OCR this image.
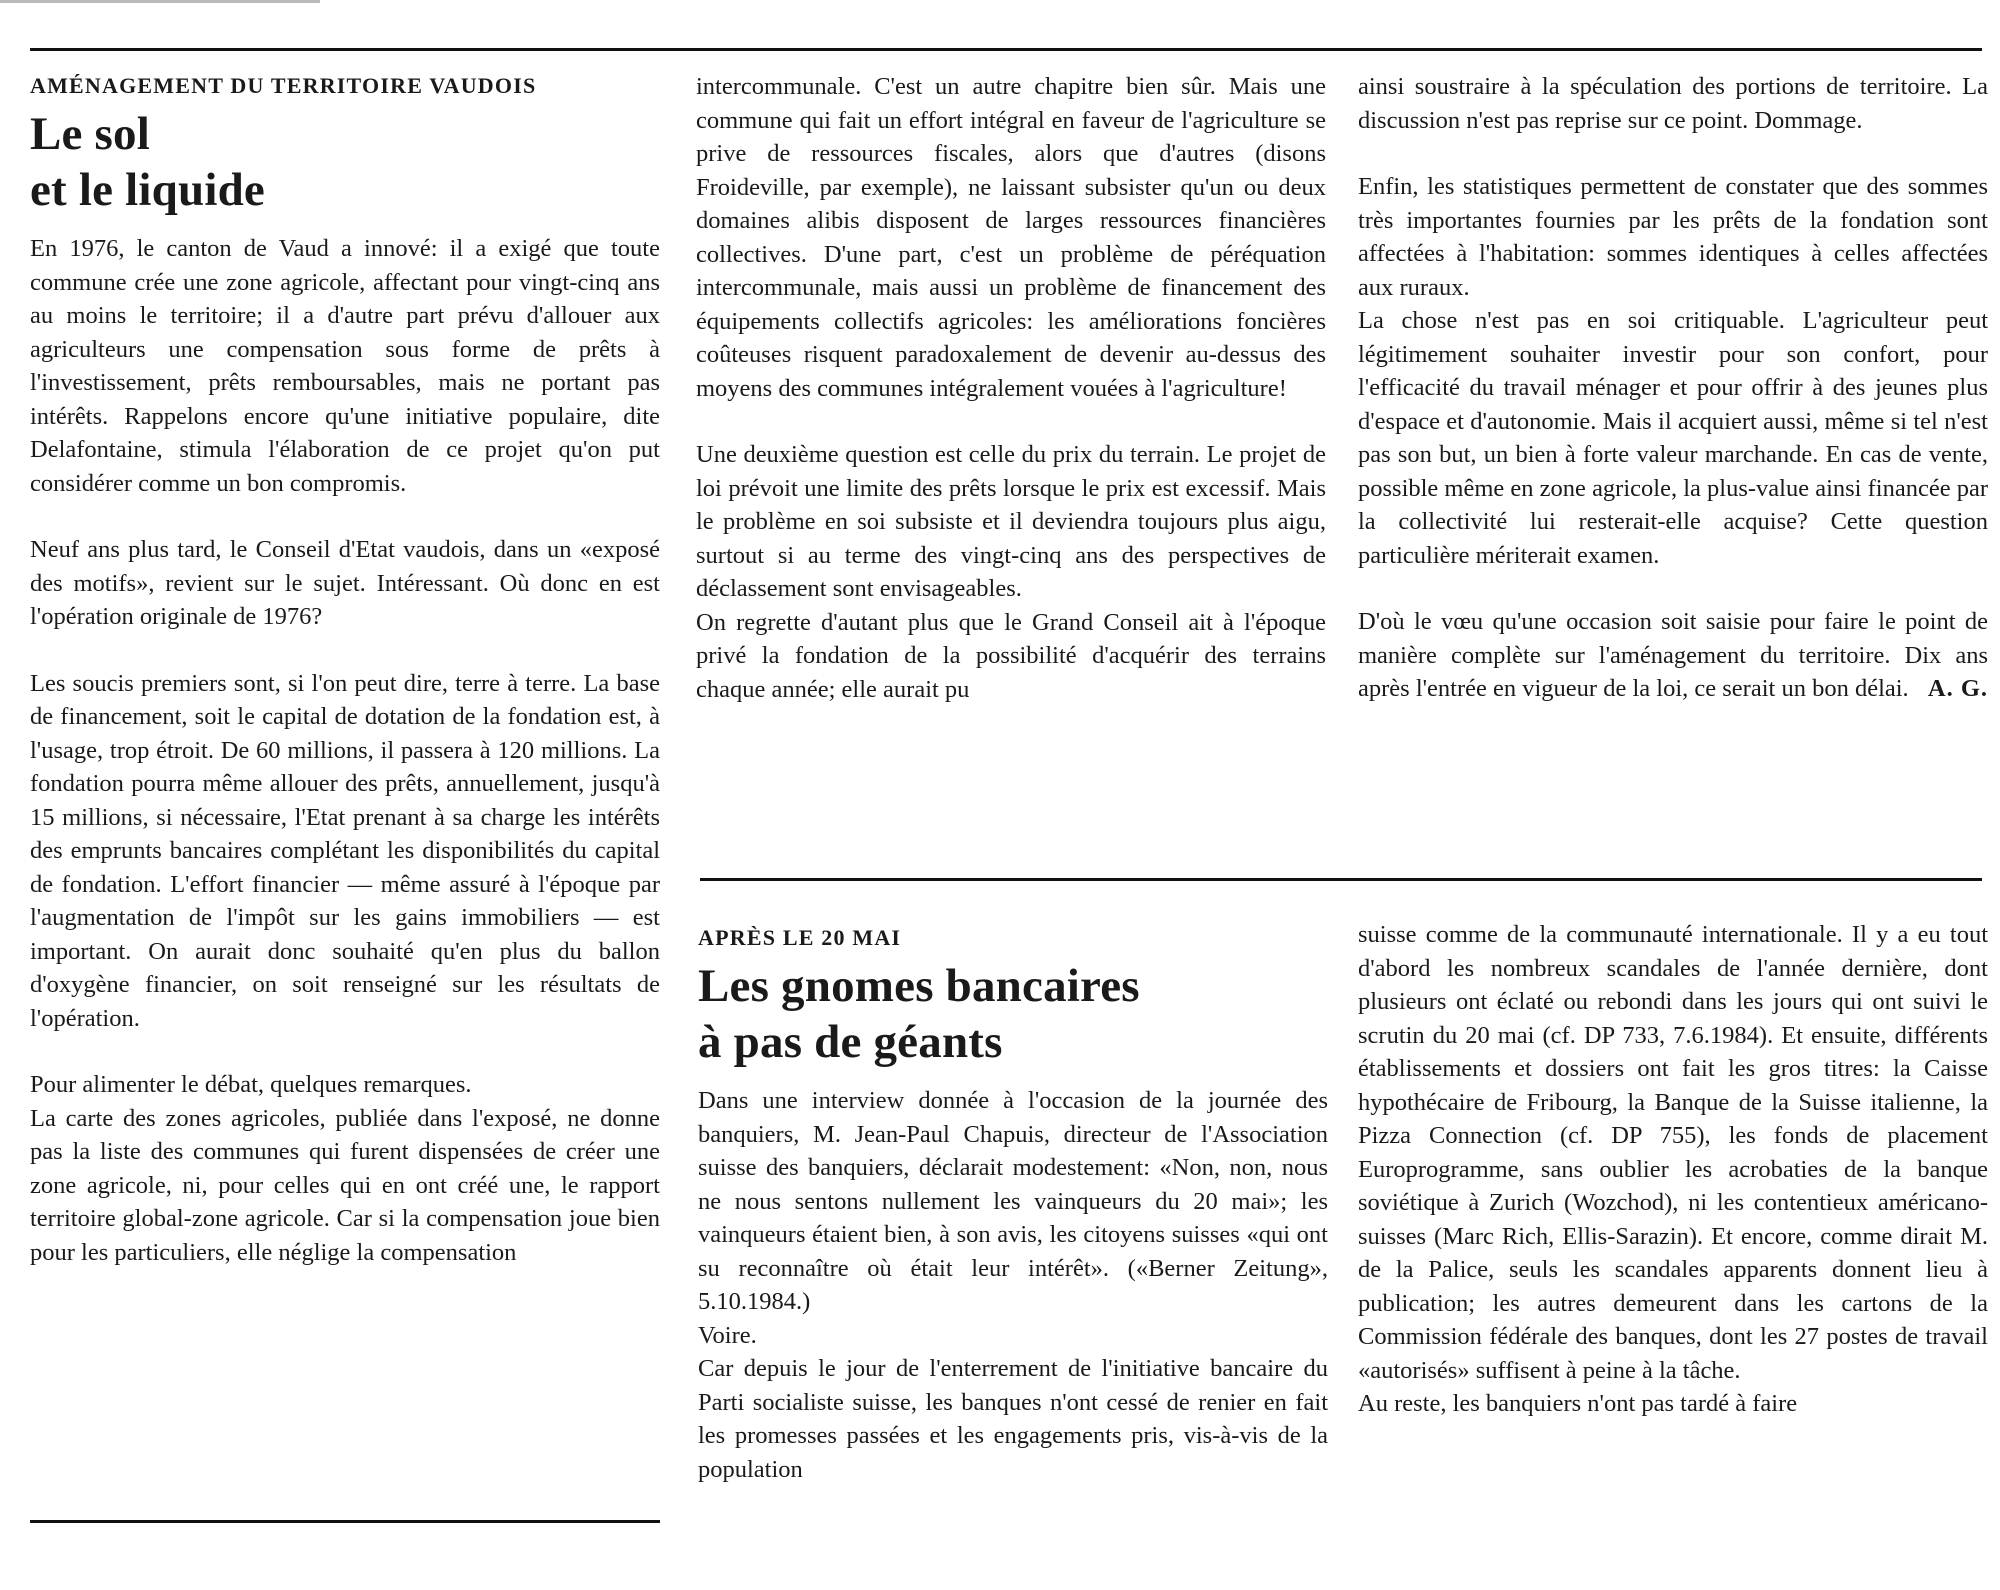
AMÉNAGEMENT DU TERRITOIRE VAUDOIS
Le sol
et le liquide

En 1976, le canton de Vaud a innové: il a exigé que toute commune crée une zone agricole, affectant pour vingt-cinq ans au moins le territoire; il a d'autre part prévu d'allouer aux agriculteurs une compensation sous forme de prêts à l'investissement, prêts remboursables, mais ne portant pas intérêts. Rappelons encore qu'une initiative populaire, dite Delafontaine, stimula l'élaboration de ce projet qu'on put considérer comme un bon compromis.

Neuf ans plus tard, le Conseil d'Etat vaudois, dans un «exposé des motifs», revient sur le sujet. Intéressant. Où donc en est l'opération originale de 1976?

Les soucis premiers sont, si l'on peut dire, terre à terre. La base de financement, soit le capital de dotation de la fondation est, à l'usage, trop étroit. De 60 millions, il passera à 120 millions. La fondation pourra même allouer des prêts, annuellement, jusqu'à 15 millions, si nécessaire, l'Etat prenant à sa charge les intérêts des emprunts bancaires complétant les disponibilités du capital de fondation. L'effort financier — même assuré à l'époque par l'augmentation de l'impôt sur les gains immobiliers — est important. On aurait donc souhaité qu'en plus du ballon d'oxygène financier, on soit renseigné sur les résultats de l'opération.

Pour alimenter le débat, quelques remarques.

La carte des zones agricoles, publiée dans l'exposé, ne donne pas la liste des communes qui furent dispensées de créer une zone agricole, ni, pour celles qui en ont créé une, le rapport territoire global-zone agricole. Car si la compensation joue bien pour les particuliers, elle néglige la compensation

intercommunale. C'est un autre chapitre bien sûr. Mais une commune qui fait un effort intégral en faveur de l'agriculture se prive de ressources fiscales, alors que d'autres (disons Froideville, par exemple), ne laissant subsister qu'un ou deux domaines alibis disposent de larges ressources financières collectives. D'une part, c'est un problème de péréquation intercommunale, mais aussi un problème de financement des équipements collectifs agricoles: les améliorations foncières coûteuses risquent paradoxalement de devenir au-dessus des moyens des communes intégralement vouées à l'agriculture!

Une deuxième question est celle du prix du terrain. Le projet de loi prévoit une limite des prêts lorsque le prix est excessif. Mais le problème en soi subsiste et il deviendra toujours plus aigu, surtout si au terme des vingt-cinq ans des perspectives de déclassement sont envisageables.

On regrette d'autant plus que le Grand Conseil ait à l'époque privé la fondation de la possibilité d'acquérir des terrains chaque année; elle aurait pu

ainsi soustraire à la spéculation des portions de territoire. La discussion n'est pas reprise sur ce point. Dommage.

Enfin, les statistiques permettent de constater que des sommes très importantes fournies par les prêts de la fondation sont affectées à l'habitation: sommes identiques à celles affectées aux ruraux.

La chose n'est pas en soi critiquable. L'agriculteur peut légitimement souhaiter investir pour son confort, pour l'efficacité du travail ménager et pour offrir à des jeunes plus d'espace et d'autonomie. Mais il acquiert aussi, même si tel n'est pas son but, un bien à forte valeur marchande. En cas de vente, possible même en zone agricole, la plus-value ainsi financée par la collectivité lui resterait-elle acquise? Cette question particulière mériterait examen.

D'où le vœu qu'une occasion soit saisie pour faire le point de manière complète sur l'aménagement du territoire. Dix ans après l'entrée en vigueur de la loi, ce serait un bon délai. A. G.

APRÈS LE 20 MAI
Les gnomes bancaires
à pas de géants

Dans une interview donnée à l'occasion de la journée des banquiers, M. Jean-Paul Chapuis, directeur de l'Association suisse des banquiers, déclarait modestement: «Non, non, nous ne nous sentons nullement les vainqueurs du 20 mai»; les vainqueurs étaient bien, à son avis, les citoyens suisses «qui ont su reconnaître où était leur intérêt». («Berner Zeitung», 5.10.1984.)

Voire.

Car depuis le jour de l'enterrement de l'initiative bancaire du Parti socialiste suisse, les banques n'ont cessé de renier en fait les promesses passées et les engagements pris, vis-à-vis de la population

suisse comme de la communauté internationale. Il y a eu tout d'abord les nombreux scandales de l'année dernière, dont plusieurs ont éclaté ou rebondi dans les jours qui ont suivi le scrutin du 20 mai (cf. DP 733, 7.6.1984). Et ensuite, différents établissements et dossiers ont fait les gros titres: la Caisse hypothécaire de Fribourg, la Banque de la Suisse italienne, la Pizza Connection (cf. DP 755), les fonds de placement Europrogramme, sans oublier les acrobaties de la banque soviétique à Zurich (Wozchod), ni les contentieux américano-suisses (Marc Rich, Ellis-Sarazin). Et encore, comme dirait M. de la Palice, seuls les scandales apparents donnent lieu à publication; les autres demeurent dans les cartons de la Commission fédérale des banques, dont les 27 postes de travail «autorisés» suffisent à peine à la tâche.

Au reste, les banquiers n'ont pas tardé à faire
